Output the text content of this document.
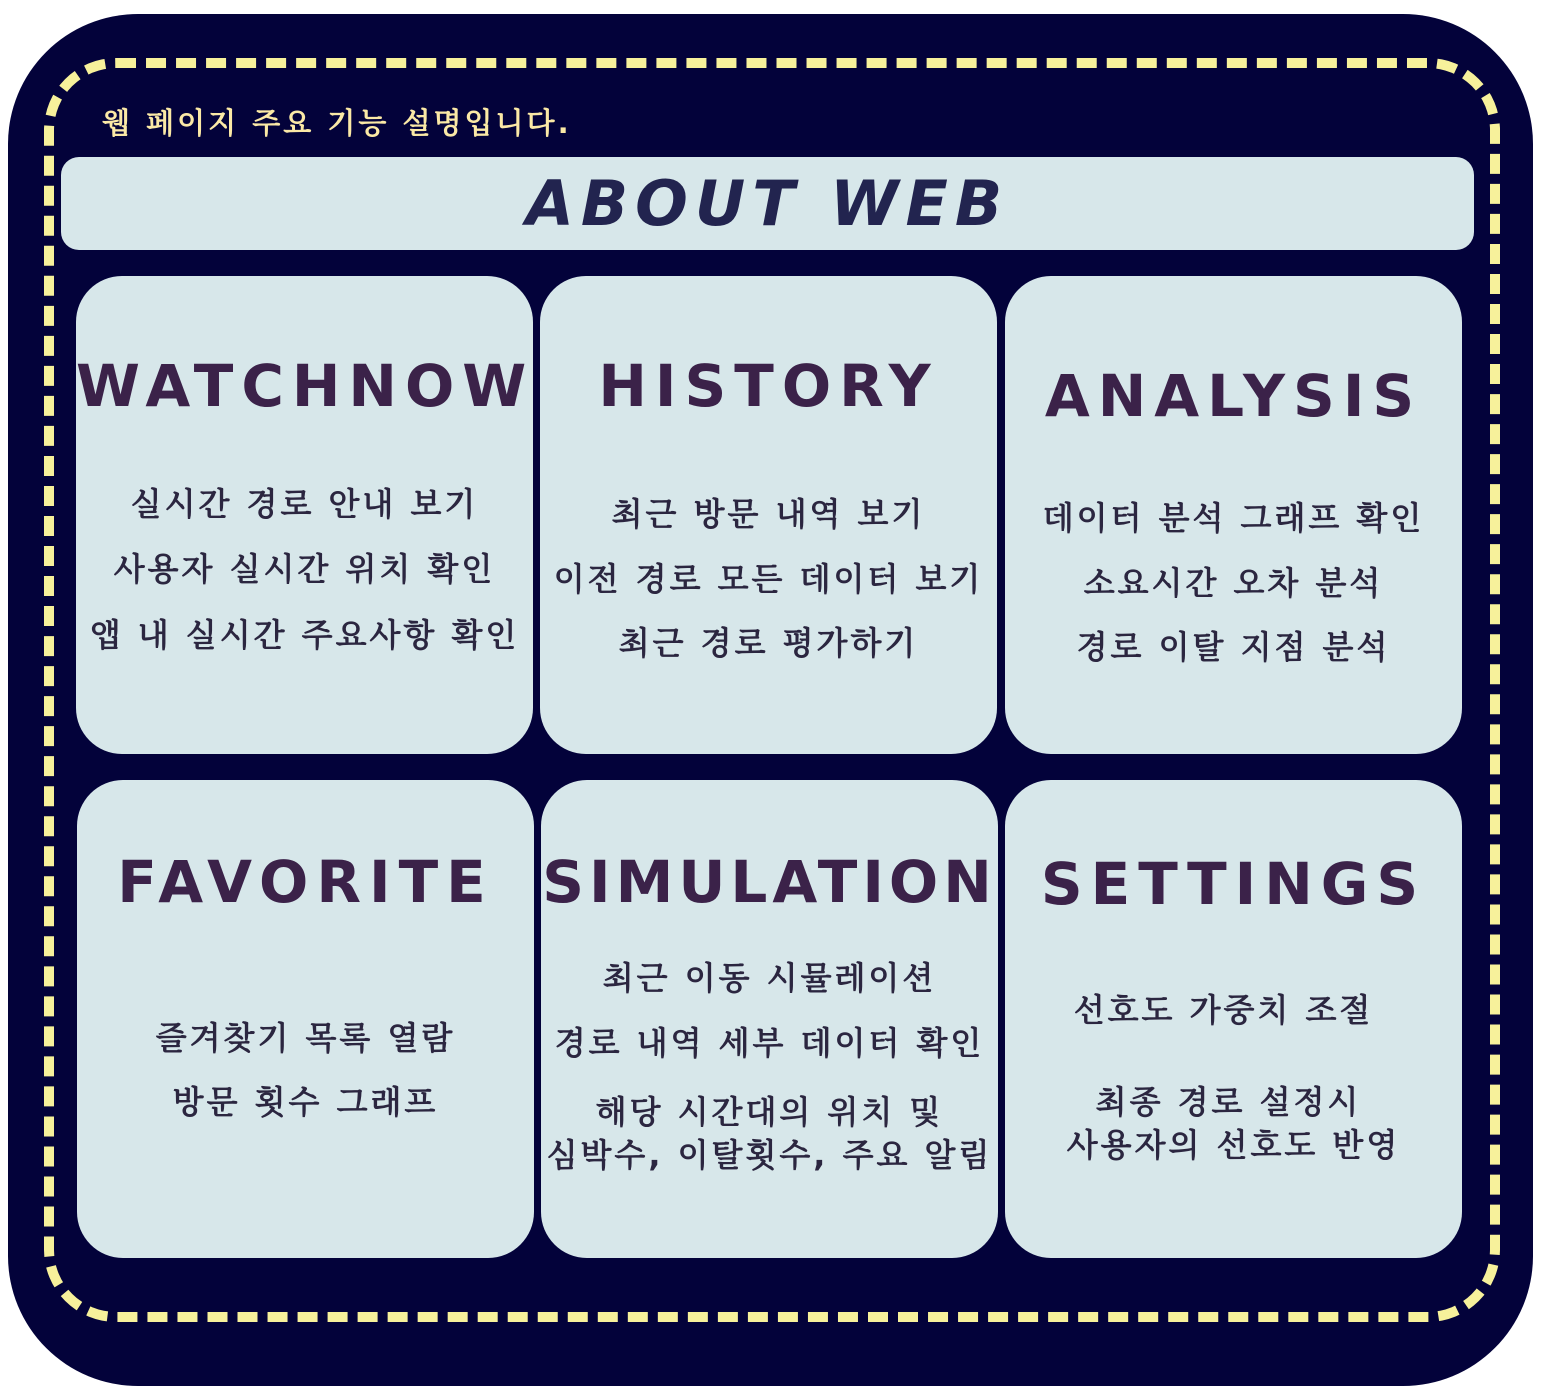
웹 페이지 주요 기능 설명입니다.
ABOUT WEB
WATCHNOW
실시간 경로 안내 보기
사용자 실시간 위치 확인
앱 내 실시간 주요사항 확인
HISTORY
최근 방문 내역 보기
이전 경로 모든 데이터 보기
최근 경로 평가하기
ANALYSIS
데이터 분석 그래프 확인
소요시간 오차 분석
경로 이탈 지점 분석
FAVORITE
즐겨찾기 목록 열람
방문 횟수 그래프
SIMULATION
최근 이동 시뮬레이션
경로 내역 세부 데이터 확인
해당 시간대의 위치 및
심박수, 이탈횟수, 주요 알림
SETTINGS
선호도 가중치 조절
최종 경로 설정시
사용자의 선호도 반영
